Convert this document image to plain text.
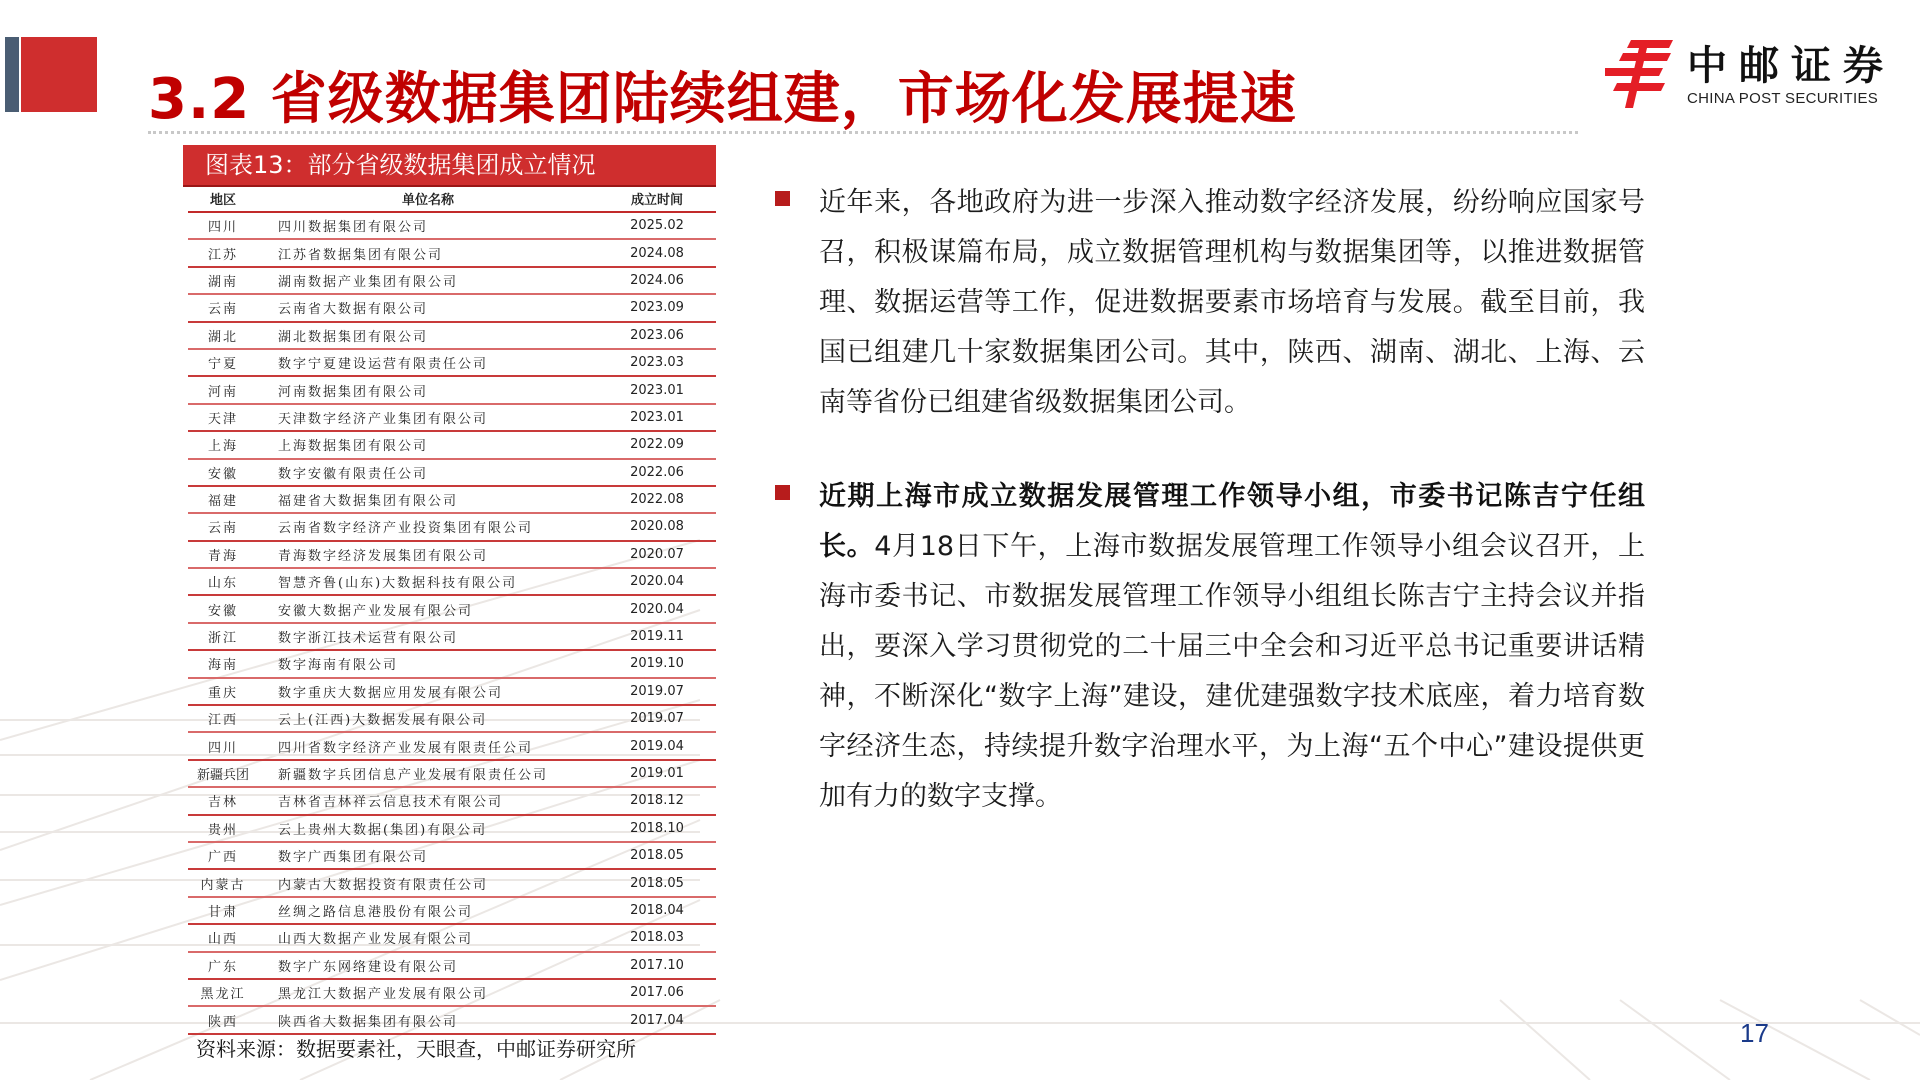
3.2 省级数据集团陆续组建，市场化发展提速
中邮证券
CHINA POST SECURITIES
图表13：部分省级数据集团成立情况
地区	单位名称	成立时间
四川	四川数据集团有限公司	2025.02
江苏	江苏省数据集团有限公司	2024.08
湖南	湖南数据产业集团有限公司	2024.06
云南	云南省大数据有限公司	2023.09
湖北	湖北数据集团有限公司	2023.06
宁夏	数字宁夏建设运营有限责任公司	2023.03
河南	河南数据集团有限公司	2023.01
天津	天津数字经济产业集团有限公司	2023.01
上海	上海数据集团有限公司	2022.09
安徽	数字安徽有限责任公司	2022.06
福建	福建省大数据集团有限公司	2022.08
云南	云南省数字经济产业投资集团有限公司	2020.08
青海	青海数字经济发展集团有限公司	2020.07
山东	智慧齐鲁(山东)大数据科技有限公司	2020.04
安徽	安徽大数据产业发展有限公司	2020.04
浙江	数字浙江技术运营有限公司	2019.11
海南	数字海南有限公司	2019.10
重庆	数字重庆大数据应用发展有限公司	2019.07
江西	云上(江西)大数据发展有限公司	2019.07
四川	四川省数字经济产业发展有限责任公司	2019.04
新疆兵团	新疆数字兵团信息产业发展有限责任公司	2019.01
吉林	吉林省吉林祥云信息技术有限公司	2018.12
贵州	云上贵州大数据(集团)有限公司	2018.10
广西	数字广西集团有限公司	2018.05
内蒙古	内蒙古大数据投资有限责任公司	2018.05
甘肃	丝绸之路信息港股份有限公司	2018.04
山西	山西大数据产业发展有限公司	2018.03
广东	数字广东网络建设有限公司	2017.10
黑龙江	黑龙江大数据产业发展有限公司	2017.06
陕西	陕西省大数据集团有限公司	2017.04
资料来源：数据要素社，天眼查，中邮证券研究所
近年来，各地政府为进一步深入推动数字经济发展，纷纷响应国家号召，积极谋篇布局，成立数据管理机构与数据集团等，以推进数据管理、数据运营等工作，促进数据要素市场培育与发展。截至目前，我国已组建几十家数据集团公司。其中，陕西、湖南、湖北、上海、云南等省份已组建省级数据集团公司。
近期上海市成立数据发展管理工作领导小组，市委书记陈吉宁任组长。4月18日下午，上海市数据发展管理工作领导小组会议召开，上海市委书记、市数据发展管理工作领导小组组长陈吉宁主持会议并指出，要深入学习贯彻党的二十届三中全会和习近平总书记重要讲话精神，不断深化“数字上海”建设，建优建强数字技术底座，着力培育数字经济生态，持续提升数字治理水平，为上海“五个中心”建设提供更加有力的数字支撑。
17
